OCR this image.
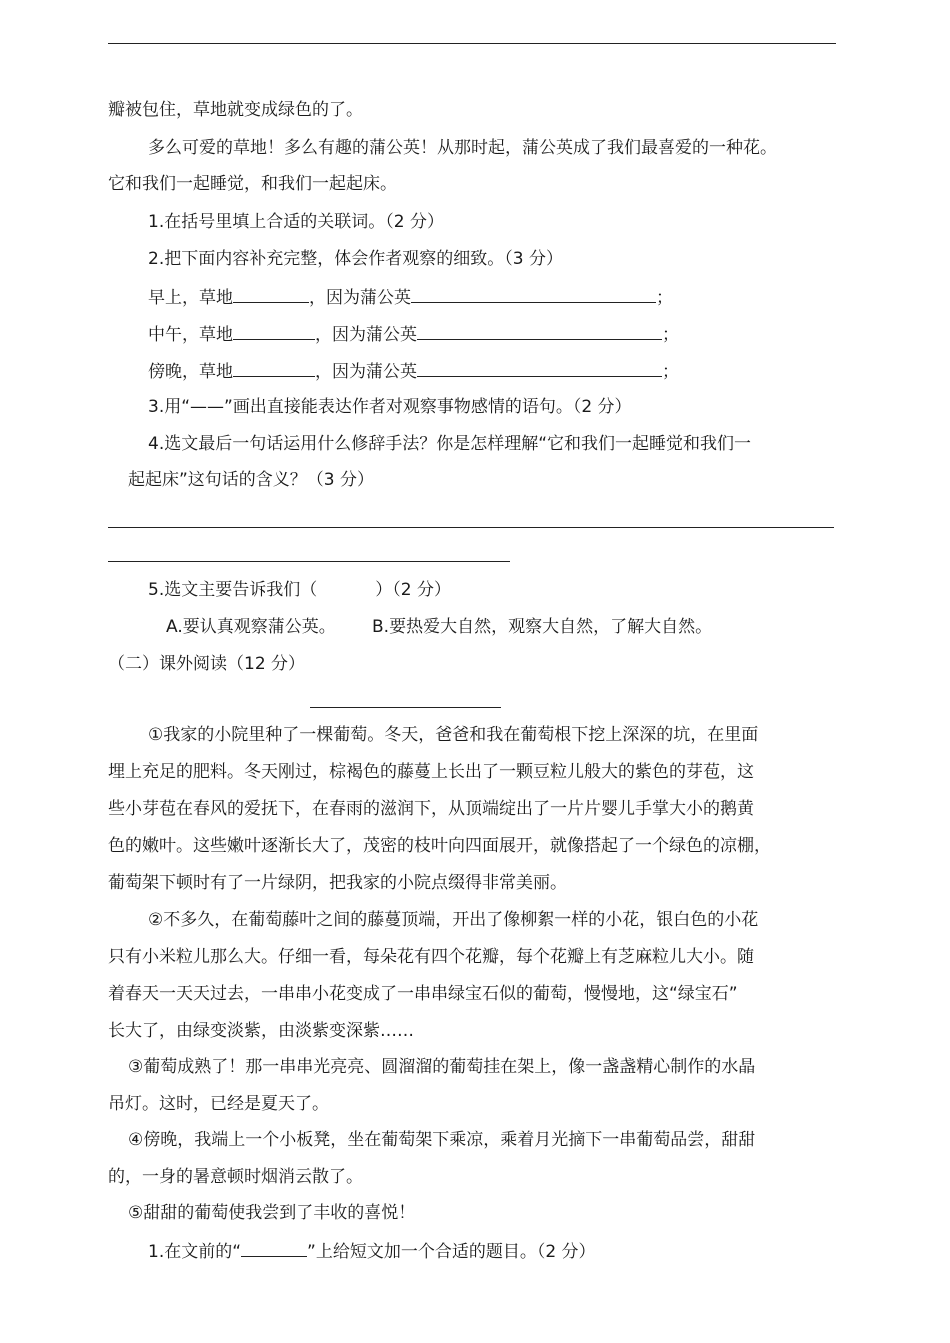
瓣被包住，草地就变成绿色的了。
多么可爱的草地！多么有趣的蒲公英！从那时起，蒲公英成了我们最喜爱的一种花。
它和我们一起睡觉，和我们一起起床。
1.在括号里填上合适的关联词。（2 分）
2.把下面内容补充完整，体会作者观察的细致。（3 分）
早上，草地	，因为蒲公英	；
中午，草地	，因为蒲公英	；
傍晚，草地	，因为蒲公英	；
3.用“——”画出直接能表达作者对观察事物感情的语句。（2 分）
4.选文最后一句话运用什么修辞手法？你是怎样理解“它和我们一起睡觉和我们一
起起床”这句话的含义？（3 分）
5.选文主要告诉我们（	）（2 分）
A.要认真观察蒲公英。 B.要热爱大自然，观察大自然，了解大自然。
（二）课外阅读（12 分）
①我家的小院里种了一棵葡萄。冬天，爸爸和我在葡萄根下挖上深深的坑，在里面
埋上充足的肥料。冬天刚过，棕褐色的藤蔓上长出了一颗豆粒儿般大的紫色的芽苞，这
些小芽苞在春风的爱抚下，在春雨的滋润下，从顶端绽出了一片片婴儿手掌大小的鹅黄
色的嫩叶。这些嫩叶逐渐长大了，茂密的枝叶向四面展开，就像搭起了一个绿色的凉棚，
葡萄架下顿时有了一片绿阴，把我家的小院点缀得非常美丽。
②不多久，在葡萄藤叶之间的藤蔓顶端，开出了像柳絮一样的小花，银白色的小花
只有小米粒儿那么大。仔细一看，每朵花有四个花瓣，每个花瓣上有芝麻粒儿大小。随
着春天一天天过去，一串串小花变成了一串串绿宝石似的葡萄，慢慢地，这“绿宝石”
长大了，由绿变淡紫，由淡紫变深紫……
③葡萄成熟了！那一串串光亮亮、圆溜溜的葡萄挂在架上，像一盏盏精心制作的水晶
吊灯。这时，已经是夏天了。
④傍晚，我端上一个小板凳，坐在葡萄架下乘凉，乘着月光摘下一串葡萄品尝，甜甜
的，一身的暑意顿时烟消云散了。
⑤甜甜的葡萄使我尝到了丰收的喜悦！
1.在文前的“	”上给短文加一个合适的题目。（2 分）
